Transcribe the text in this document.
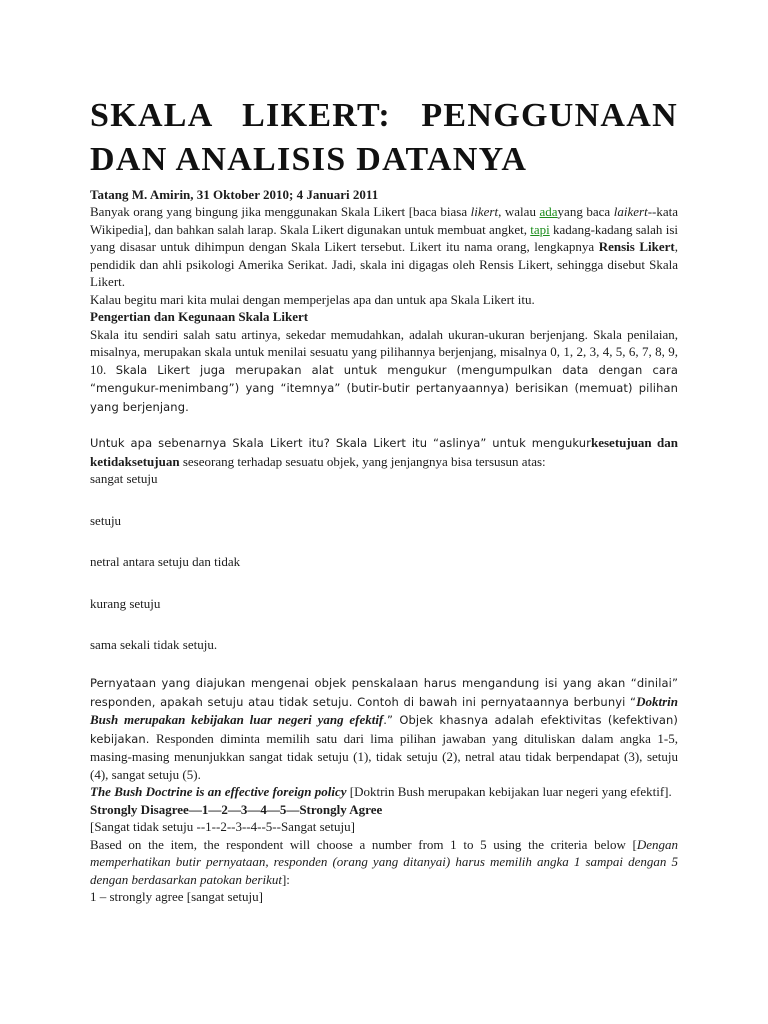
SKALA LIKERT: PENGGUNAAN DAN ANALISIS DATANYA
Tatang M. Amirin, 31 Oktober 2010; 4 Januari 2011

Banyak orang yang bingung jika menggunakan Skala Likert [baca biasa likert, walau adayang baca laikert--kata Wikipedia], dan bahkan salah larap. Skala Likert digunakan untuk membuat angket, tapi kadang-kadang salah isi yang disasar untuk dihimpun dengan Skala Likert tersebut. Likert itu nama orang, lengkapnya Rensis Likert, pendidik dan ahli psikologi Amerika Serikat. Jadi, skala ini digagas oleh Rensis Likert, sehingga disebut Skala Likert.

Kalau begitu mari kita mulai dengan memperjelas apa dan untuk apa Skala Likert itu.

Pengertian dan Kegunaan Skala Likert

Skala itu sendiri salah satu artinya, sekedar memudahkan, adalah ukuran-ukuran berjenjang. Skala penilaian, misalnya, merupakan skala untuk menilai sesuatu yang pilihannya berjenjang, misalnya 0, 1, 2, 3, 4, 5, 6, 7, 8, 9, 10. Skala Likert juga merupakan alat untuk mengukur (mengumpulkan data dengan cara “mengukur-menimbang”) yang “itemnya” (butir-butir pertanyaannya) berisikan (memuat) pilihan yang berjenjang.

Untuk apa sebenarnya Skala Likert itu? Skala Likert itu “aslinya” untuk mengukurkesetujuan dan ketidaksetujuan seseorang terhadap sesuatu objek, yang jenjangnya bisa tersusun atas:

sangat setuju
setuju
netral antara setuju dan tidak
kurang setuju
sama sekali tidak setuju.

Pernyataan yang diajukan mengenai objek penskalaan harus mengandung isi yang akan “dinilai” responden, apakah setuju atau tidak setuju. Contoh di bawah ini pernyataannya berbunyi “Doktrin Bush merupakan kebijakan luar negeri yang efektif.” Objek khasnya adalah efektivitas (kefektivan) kebijakan. Responden diminta memilih satu dari lima pilihan jawaban yang dituliskan dalam angka 1-5, masing-masing menunjukkan sangat tidak setuju (1), tidak setuju (2), netral atau tidak berpendapat (3), setuju (4), sangat setuju (5).

The Bush Doctrine is an effective foreign policy [Doktrin Bush merupakan kebijakan luar negeri yang efektif].

Strongly Disagree—1—2—3—4—5—Strongly Agree

[Sangat tidak setuju --1--2--3--4--5--Sangat setuju]

Based on the item, the respondent will choose a number from 1 to 5 using the criteria below [Dengan memperhatikan butir pernyataan, responden (orang yang ditanyai) harus memilih angka 1 sampai dengan 5 dengan berdasarkan patokan berikut]:

1 – strongly agree [sangat setuju]
